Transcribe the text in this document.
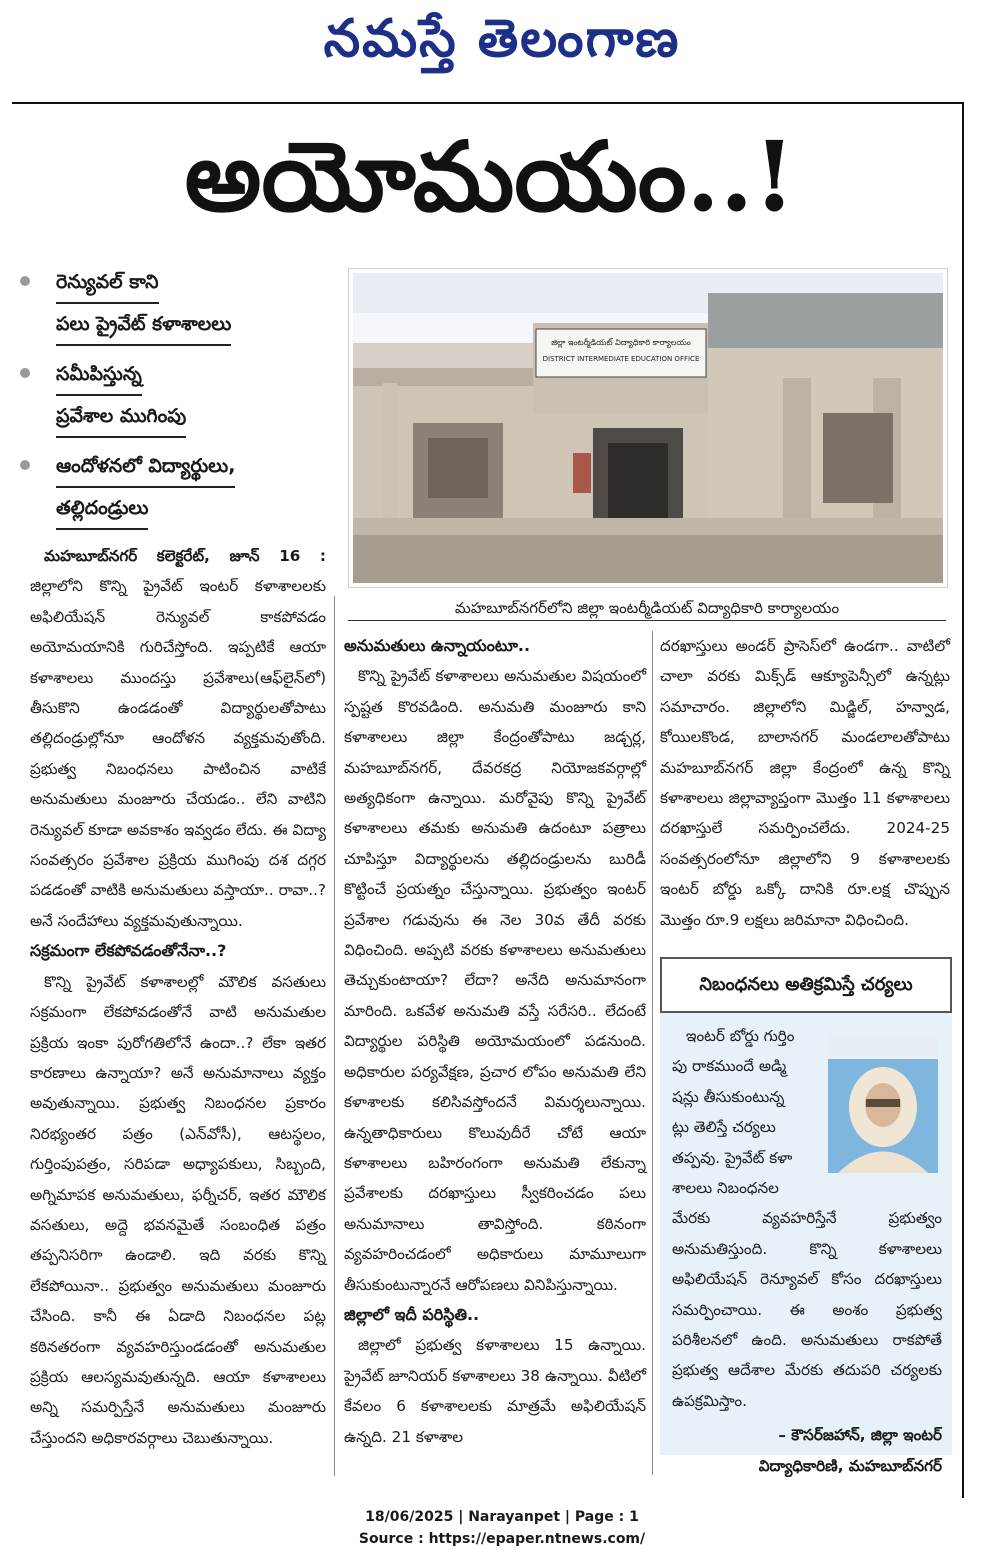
నమస్తే తెలంగాణ
అయోమయం..!
రెన్యువల్ కాని
పలు ప్రైవేట్ కళాశాలలు
సమీపిస్తున్న
ప్రవేశాల ముగింపు
ఆందోళనలో విద్యార్థులు,
తల్లిదండ్రులు
జిల్లా ఇంటర్మీడియట్ విద్యాధికారి కార్యాలయం
DISTRICT INTERMEDIATE EDUCATION OFFICE
మహబూబ్‌నగర్‌లోని జిల్లా ఇంటర్మీడియట్ విద్యాధికారి కార్యాలయం

మహబూబ్‌నగర్ కలెక్టరేట్, జూన్ 16 : జిల్లాలోని కొన్ని ప్రైవేట్ ఇంటర్ కళాశాలలకు అఫిలియేషన్ రెన్యువల్ కాకపోవడం అయోమయానికి గురిచేస్తోంది. ఇప్పటికే ఆయా కళాశాలలు ముందస్తు ప్రవేశాలు(ఆఫ్‌లైన్‌లో) తీసుకొని ఉండడంతో విద్యార్థులతోపాటు తల్లిదండ్రుల్లోనూ ఆందోళన వ్యక్తమవుతోంది. ప్రభుత్వ నిబంధనలు పాటించిన వాటికే అనుమతులు మంజూరు చేయడం.. లేని వాటిని రెన్యువల్ కూడా అవకాశం ఇవ్వడం లేదు. ఈ విద్యా సంవత్సరం ప్రవేశాల ప్రక్రియ ముగింపు దశ దగ్గర పడడంతో వాటికి అనుమతులు వస్తాయా.. రావా..? అనే సందేహాలు వ్యక్తమవుతున్నాయి.

సక్రమంగా లేకపోవడంతోనేనా..?

కొన్ని ప్రైవేట్ కళాశాలల్లో మౌలిక వసతులు సక్రమంగా లేకపోవడంతోనే వాటి అనుమతుల ప్రక్రియ ఇంకా పురోగతిలోనే ఉందా..? లేకా ఇతర కారణాలు ఉన్నాయా? అనే అనుమానాలు వ్యక్తం అవుతున్నాయి. ప్రభుత్వ నిబంధనల ప్రకారం నిరభ్యంతర పత్రం (ఎన్‌వోసీ), ఆటస్థలం, గుర్తింపుపత్రం, సరిపడా అధ్యాపకులు, సిబ్బంది, అగ్నిమాపక అనుమతులు, ఫర్నీచర్, ఇతర మౌలిక వసతులు, అద్దె భవనమైతే సంబంధిత పత్రం తప్పనిసరిగా ఉండాలి. ఇది వరకు కొన్ని లేకపోయినా.. ప్రభుత్వం అనుమతులు మంజూరు చేసింది. కానీ ఈ ఏడాది నిబంధనల పట్ల కఠినతరంగా వ్యవహరిస్తుండడంతో అనుమతుల ప్రక్రియ ఆలస్యమవుతున్నది. ఆయా కళాశాలలు అన్ని సమర్పిస్తేనే అనుమతులు మంజూరు చేస్తుందని అధికారవర్గాలు చెబుతున్నాయి.

అనుమతులు ఉన్నాయంటూ..

కొన్ని ప్రైవేట్ కళాశాలలు అనుమతుల విషయంలో స్పష్టత కొరవడింది. అనుమతి మంజూరు కాని కళాశాలలు జిల్లా కేంద్రంతోపాటు జడ్చర్ల, మహబూబ్‌నగర్, దేవరకద్ర నియోజకవర్గాల్లో అత్యధికంగా ఉన్నాయి. మరోవైపు కొన్ని ప్రైవేట్ కళాశాలలు తమకు అనుమతి ఉదంటూ పత్రాలు చూపిస్తూ విద్యార్థులను తల్లిదండ్రులను బురిడీ కొట్టించే ప్రయత్నం చేస్తున్నాయి. ప్రభుత్వం ఇంటర్ ప్రవేశాల గడువును ఈ నెల 30వ తేదీ వరకు విధించింది. అప్పటి వరకు కళాశాలలు అనుమతులు తెచ్చుకుంటాయా? లేదా? అనేది అనుమానంగా మారింది. ఒకవేళ అనుమతి వస్తే సరేసరి.. లేదంటే విద్యార్థుల పరిస్థితి అయోమయంలో పడనుంది. అధికారుల పర్యవేక్షణ, ప్రచార లోపం అనుమతి లేని కళాశాలకు కలిసివస్తోందనే విమర్శలున్నాయి. ఉన్నతాధికారులు కొలువుదీరే చోటే ఆయా కళాశాలలు బహిరంగంగా అనుమతి లేకున్నా ప్రవేశాలకు దరఖాస్తులు స్వీకరించడం పలు అనుమానాలు తావిస్తోంది. కఠినంగా వ్యవహరించడంలో అధికారులు మామూలుగా తీసుకుంటున్నారనే ఆరోపణలు వినిపిస్తున్నాయి.

జిల్లాలో ఇదీ పరిస్థితి..

జిల్లాలో ప్రభుత్వ కళాశాలలు 15 ఉన్నాయి. ప్రైవేట్ జూనియర్ కళాశాలలు 38 ఉన్నాయి. వీటిలో కేవలం 6 కళాశాలలకు మాత్రమే అఫిలియేషన్ ఉన్నది. 21 కళాశాల

దరఖాస్తులు అండర్ ప్రాసెస్‌లో ఉండగా.. వాటిలో చాలా వరకు మిక్స్‌డ్ ఆక్యూపెన్సీలో ఉన్నట్లు సమాచారం. జిల్లాలోని మిడ్జిల్, హన్వాడ, కోయిలకొండ, బాలానగర్ మండలాలతోపాటు మహబూబ్‌నగర్ జిల్లా కేంద్రంలో ఉన్న కొన్ని కళాశాలలు జిల్లావ్యాప్తంగా మొత్తం 11 కళాశాలలు దరఖాస్తులే సమర్పించలేదు. 2024-25 సంవత్సరంలోనూ జిల్లాలోని 9 కళాశాలలకు ఇంటర్ బోర్డు ఒక్కో దానికి రూ.లక్ష చొప్పున మొత్తం రూ.9 లక్షలు జరిమానా విధించింది.

నిబంధనలు అతిక్రమిస్తే చర్యలు
ఇంటర్ బోర్డు గుర్తిం
పు రాకముందే అడ్మి
షన్లు తీసుకుంటున్న
ట్లు తెలిస్తే చర్యలు
తప్పవు. ప్రైవేట్ కళా
శాలలు నిబంధనల
మేరకు వ్యవహరిస్తేనే ప్రభుత్వం అనుమతిస్తుంది. కొన్ని కళాశాలలు అఫిలియేషన్ రెన్యూవల్ కోసం దరఖాస్తులు సమర్పించాయి. ఈ అంశం ప్రభుత్వ పరిశీలనలో ఉంది. అనుమతులు రాకపోతే ప్రభుత్వ ఆదేశాల మేరకు తదుపరి చర్యలకు ఉపక్రమిస్తాం.
– కౌసర్‌జహాన్, జిల్లా ఇంటర్
విద్యాధికారిణి, మహబూబ్‌నగర్
18/06/2025 | Narayanpet | Page : 1
Source : https://epaper.ntnews.com/
